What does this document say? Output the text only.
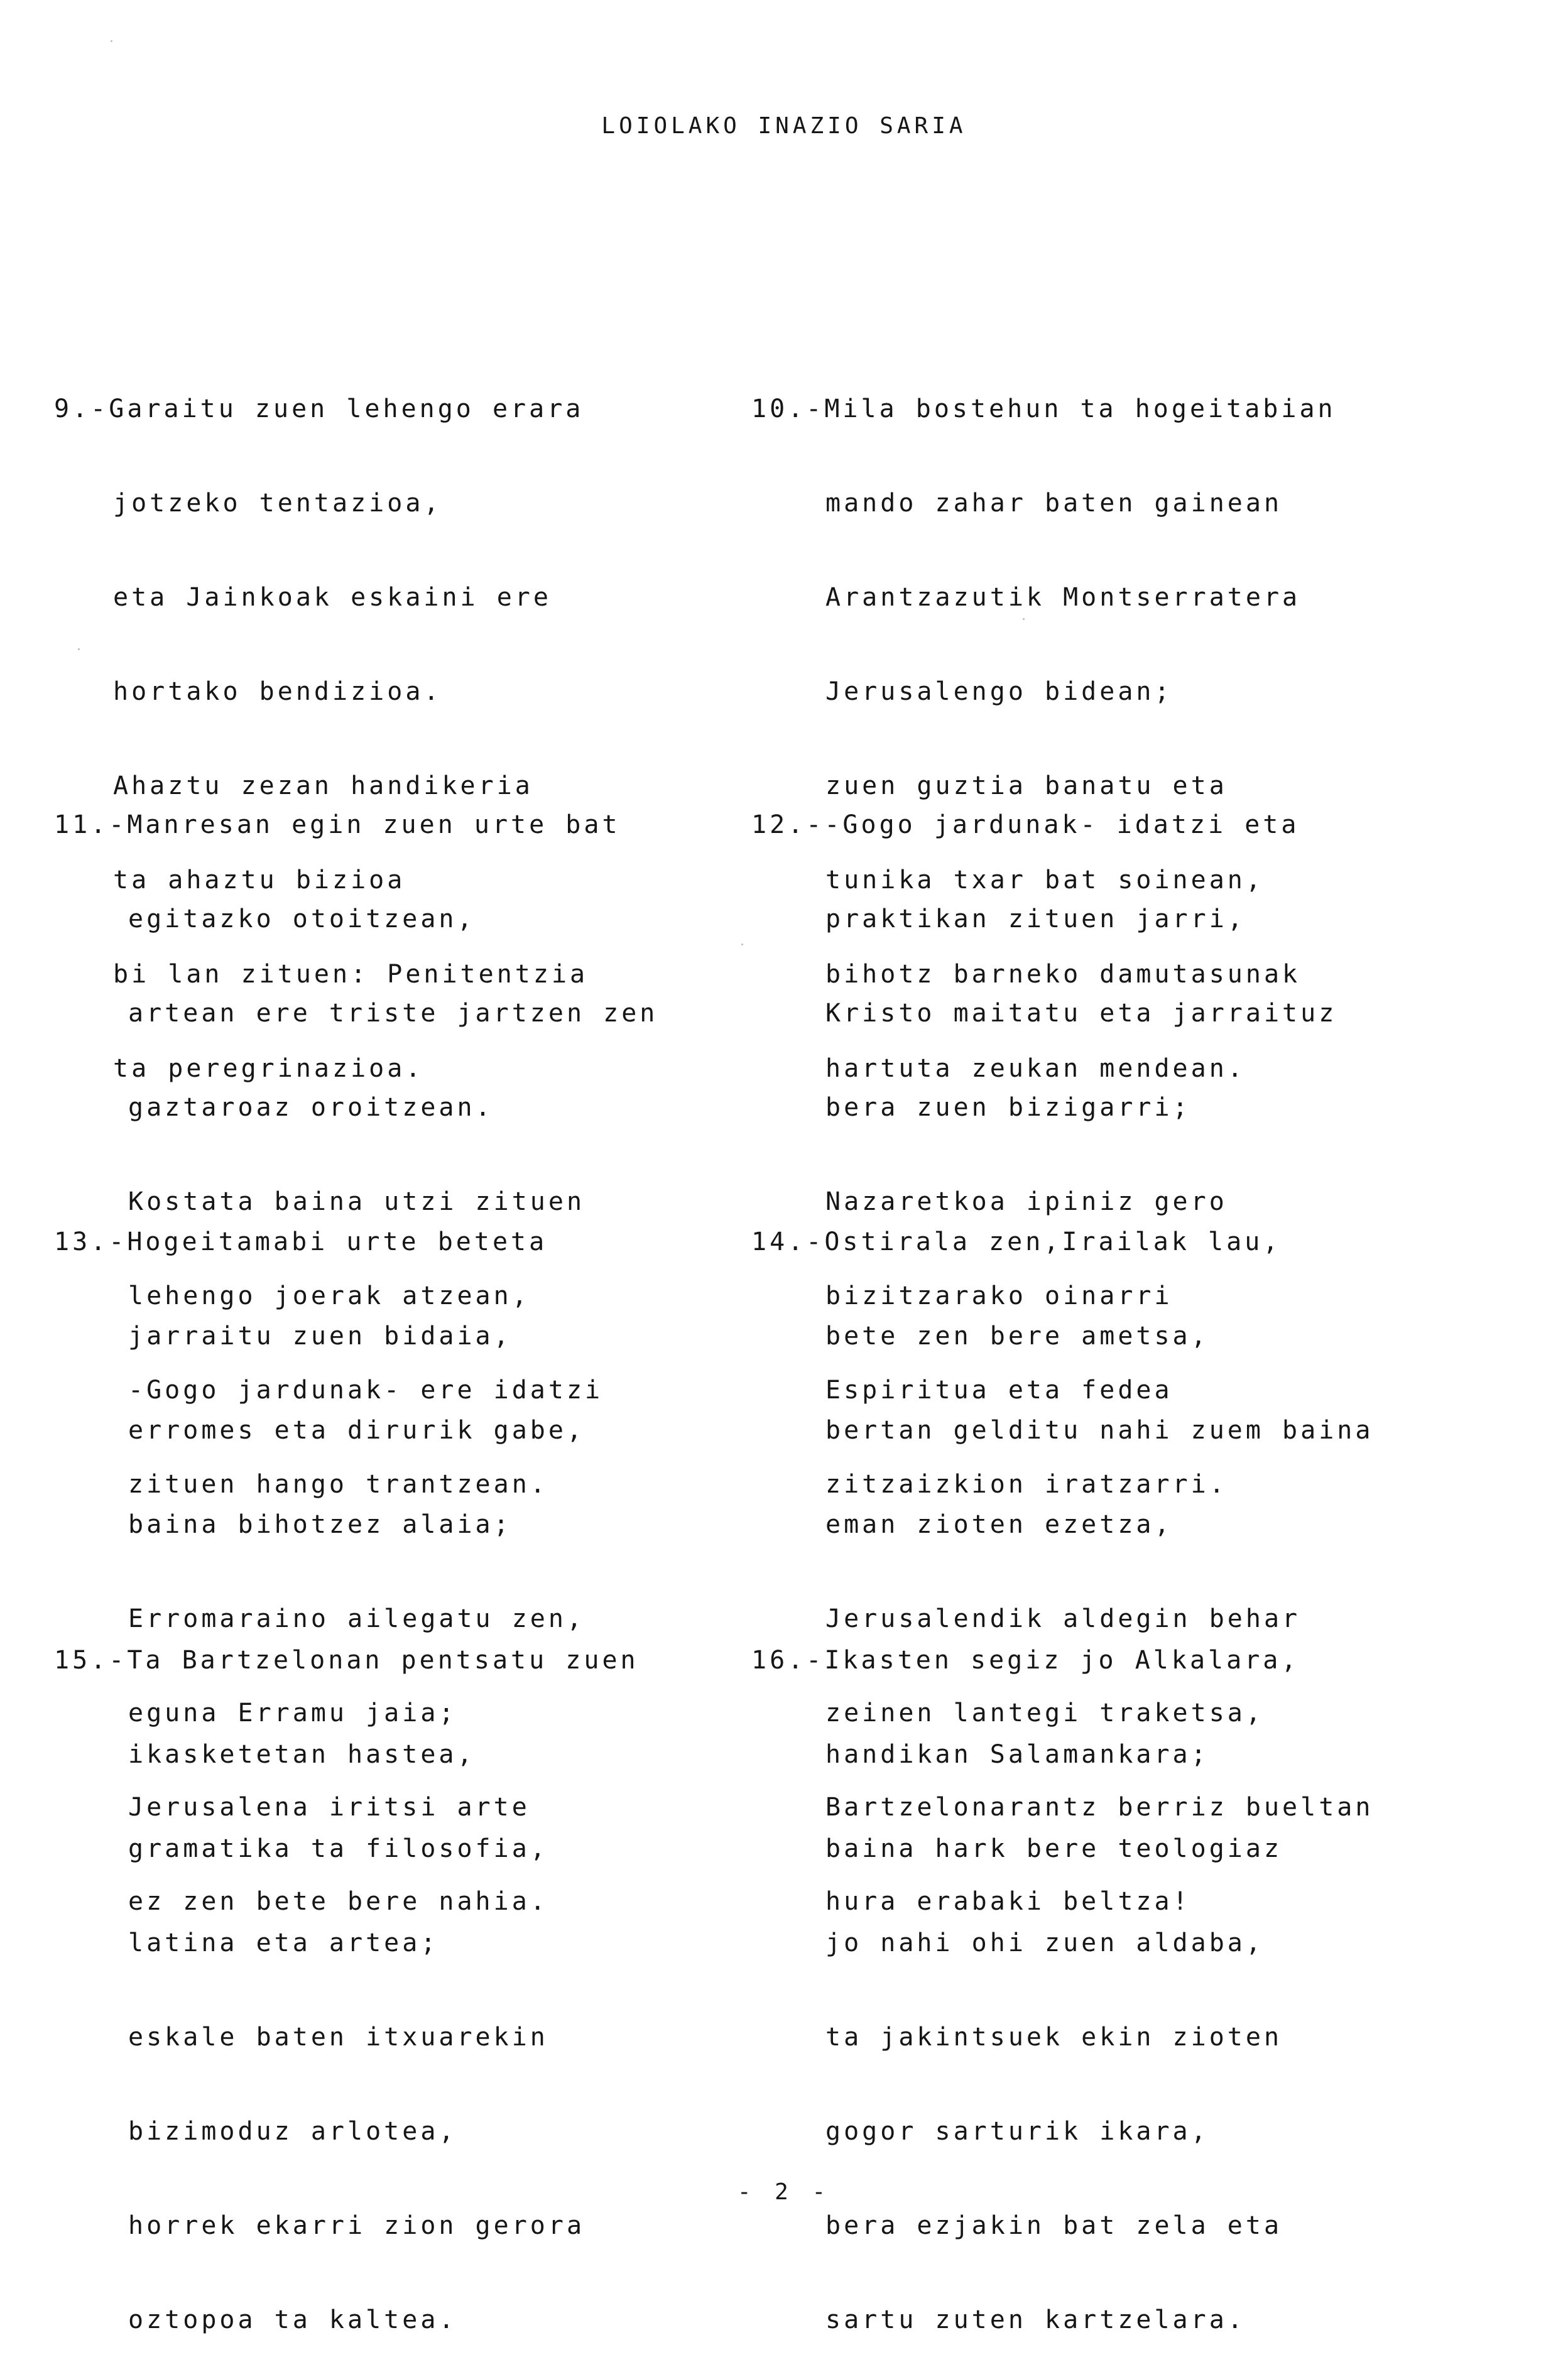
LOIOLAKO INAZIO SARIA

9.-Garaitu zuen lehengo erara

jotzeko tentazioa,

eta Jainkoak eskaini ere

hortako bendizioa.

Ahaztu zezan handikeria

ta ahaztu bizioa

bi lan zituen: Penitentzia

ta peregrinazioa.

10.-Mila bostehun ta hogeitabian

mando zahar baten gainean

Arantzazutik Montserratera

Jerusalengo bidean;

zuen guztia banatu eta

tunika txar bat soinean,

bihotz barneko damutasunak

hartuta zeukan mendean.

11.-Manresan egin zuen urte bat

egitazko otoitzean,

artean ere triste jartzen zen

gaztaroaz oroitzean.

Kostata baina utzi zituen

lehengo joerak atzean,

-Gogo jardunak- ere idatzi

zituen hango trantzean.

12.--Gogo jardunak- idatzi eta

praktikan zituen jarri,

Kristo maitatu eta jarraituz

bera zuen bizigarri;

Nazaretkoa ipiniz gero

bizitzarako oinarri

Espiritua eta fedea

zitzaizkion iratzarri.

13.-Hogeitamabi urte beteta

jarraitu zuen bidaia,

erromes eta dirurik gabe,

baina bihotzez alaia;

Erromaraino ailegatu zen,

eguna Erramu jaia;

Jerusalena iritsi arte

ez zen bete bere nahia.

14.-Ostirala zen,Irailak lau,

bete zen bere ametsa,

bertan gelditu nahi zuem baina

eman zioten ezetza,

Jerusalendik aldegin behar

zeinen lantegi traketsa,

Bartzelonarantz berriz bueltan

hura erabaki beltza!

15.-Ta Bartzelonan pentsatu zuen

ikasketetan hastea,

gramatika ta filosofia,

latina eta artea;

eskale baten itxuarekin

bizimoduz arlotea,

horrek ekarri zion gerora

oztopoa ta kaltea.

16.-Ikasten segiz jo Alkalara,

handikan Salamankara;

baina hark bere teologiaz

jo nahi ohi zuen aldaba,

ta jakintsuek ekin zioten

gogor sarturik ikara,

bera ezjakin bat zela eta

sartu zuten kartzelara.

- 2 -
